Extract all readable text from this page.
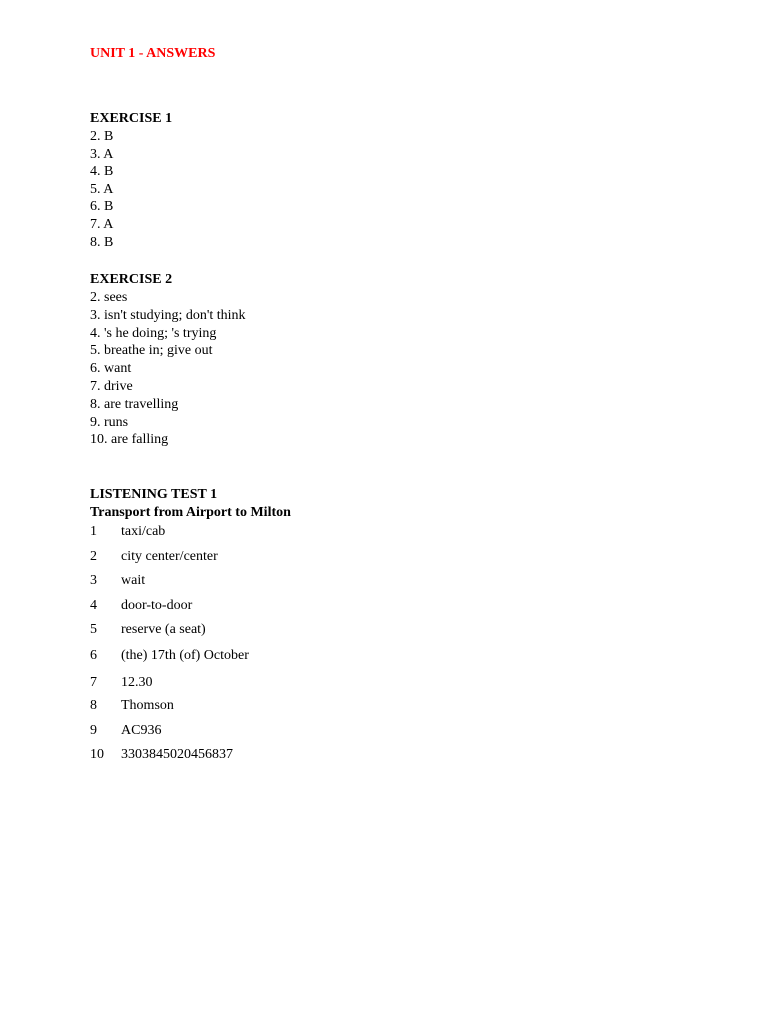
UNIT 1 - ANSWERS
EXERCISE 1
2. B
3. A
4. B
5. A
6. B
7. A
8. B
EXERCISE 2
2. sees
3. isn't studying; don't think
4. 's he doing; 's trying
5. breathe in; give out
6. want
7. drive
8. are travelling
9. runs
10. are falling
LISTENING TEST 1
Transport from Airport to Milton
1 taxi/cab
2 city center/center
3 wait
4 door-to-door
5 reserve (a seat)
6 (the) 17th (of) October
7 12.30
8 Thomson
9 AC936
10 3303845020456837
